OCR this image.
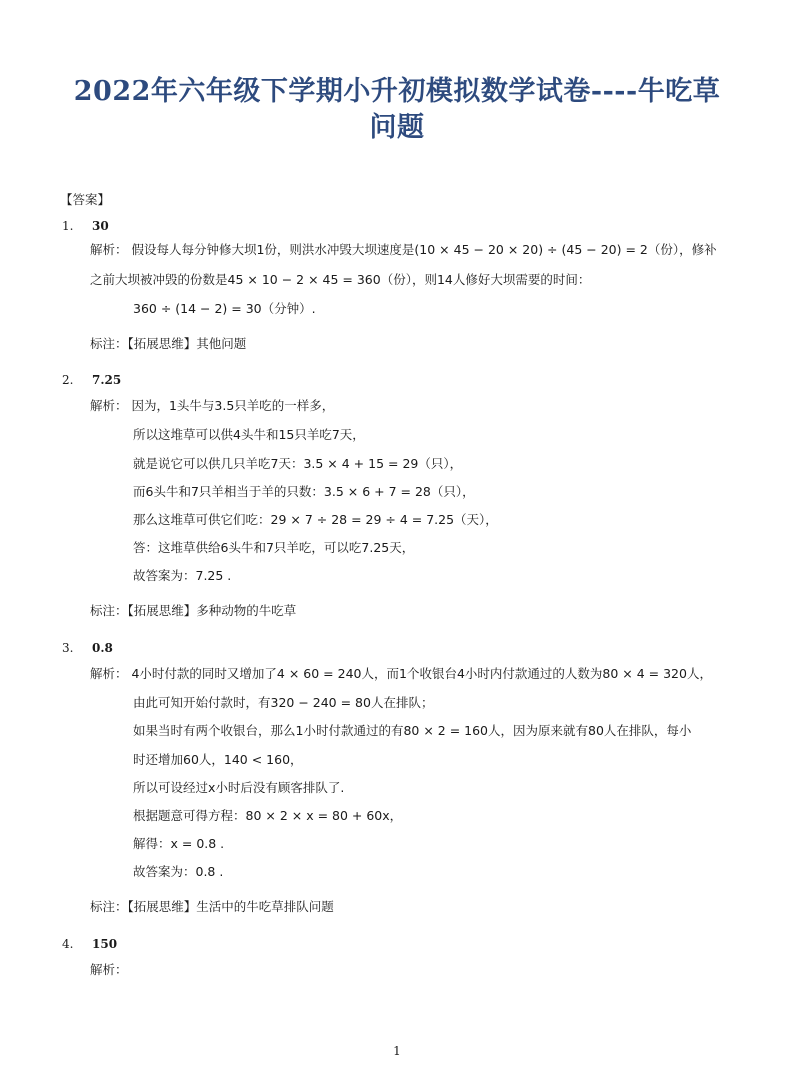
2022年六年级下学期小升初模拟数学试卷----牛吃草
问题
【答案】
1. 30
解析： 假设每人每分钟修大坝1份，则洪水冲毁大坝速度是(10 × 45 − 20 × 20) ÷ (45 − 20) = 2（份），修补
之前大坝被冲毁的份数是45 × 10 − 2 × 45 = 360（份），则14人修好大坝需要的时间：
360 ÷ (14 − 2) = 30（分钟）.
标注：【拓展思维】其他问题
2. 7.25
解析： 因为，1头牛与3.5只羊吃的一样多，
所以这堆草可以供4头牛和15只羊吃7天，
就是说它可以供几只羊吃7天：3.5 × 4 + 15 = 29（只），
而6头牛和7只羊相当于羊的只数：3.5 × 6 + 7 = 28（只），
那么这堆草可供它们吃：29 × 7 ÷ 28 = 29 ÷ 4 = 7.25（天），
答：这堆草供给6头牛和7只羊吃，可以吃7.25天，
故答案为：7.25 .
标注：【拓展思维】多种动物的牛吃草
3. 0.8
解析： 4小时付款的同时又增加了4 × 60 = 240人，而1个收银台4小时内付款通过的人数为80 × 4 = 320人，
由此可知开始付款时，有320 − 240 = 80人在排队；
如果当时有两个收银台，那么1小时付款通过的有80 × 2 = 160人，因为原来就有80人在排队，每小
时还增加60人，140 < 160，
所以可设经过x小时后没有顾客排队了.
根据题意可得方程：80 × 2 × x = 80 + 60x，
解得：x = 0.8 .
故答案为：0.8 .
标注：【拓展思维】生活中的牛吃草排队问题
4. 150
解析：
1
